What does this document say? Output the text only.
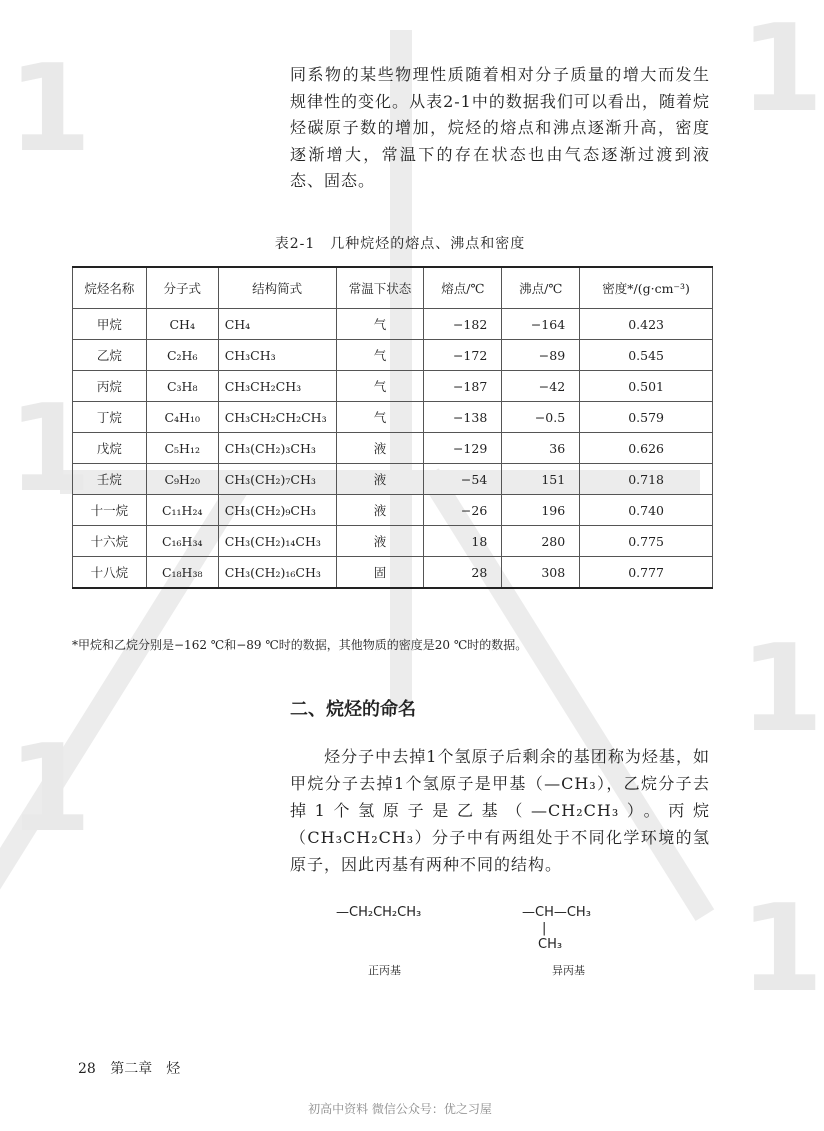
1
1
1
1
1
1

同系物的某些物理性质随着相对分子质量的增大而发生规律性的变化。从表2-1中的数据我们可以看出，随着烷烃碳原子数的增加，烷烃的熔点和沸点逐渐升高，密度逐渐增大，常温下的存在状态也由气态逐渐过渡到液态、固态。

表2-1　几种烷烃的熔点、沸点和密度
烷烃名称	分子式	结构简式	常温下状态	熔点/℃	沸点/℃	密度*/(g·cm⁻³)
甲烷	CH₄	CH₄	气	−182	−164	0.423
乙烷	C₂H₆	CH₃CH₃	气	−172	−89	0.545
丙烷	C₃H₈	CH₃CH₂CH₃	气	−187	−42	0.501
丁烷	C₄H₁₀	CH₃CH₂CH₂CH₃	气	−138	−0.5	0.579
戊烷	C₅H₁₂	CH₃(CH₂)₃CH₃	液	−129	36	0.626
壬烷	C₉H₂₀	CH₃(CH₂)₇CH₃	液	−54	151	0.718
十一烷	C₁₁H₂₄	CH₃(CH₂)₉CH₃	液	−26	196	0.740
十六烷	C₁₆H₃₄	CH₃(CH₂)₁₄CH₃	液	18	280	0.775
十八烷	C₁₈H₃₈	CH₃(CH₂)₁₆CH₃	固	28	308	0.777
*甲烷和乙烷分别是−162 ℃和−89 ℃时的数据，其他物质的密度是20 ℃时的数据。
二、烷烃的命名

　　烃分子中去掉1个氢原子后剩余的基团称为烃基，如甲烷分子去掉1个氢原子是甲基（—CH₃），乙烷分子去掉1个氢原子是乙基（—CH₂CH₃）。丙烷（CH₃CH₂CH₃）分子中有两组处于不同化学环境的氢原子，因此丙基有两种不同的结构。

—CH₂CH₂CH₃
正丙基
—CH—CH₃
|
CH₃
异丙基
28 第二章　烃
初高中资料 微信公众号：优之习屋
